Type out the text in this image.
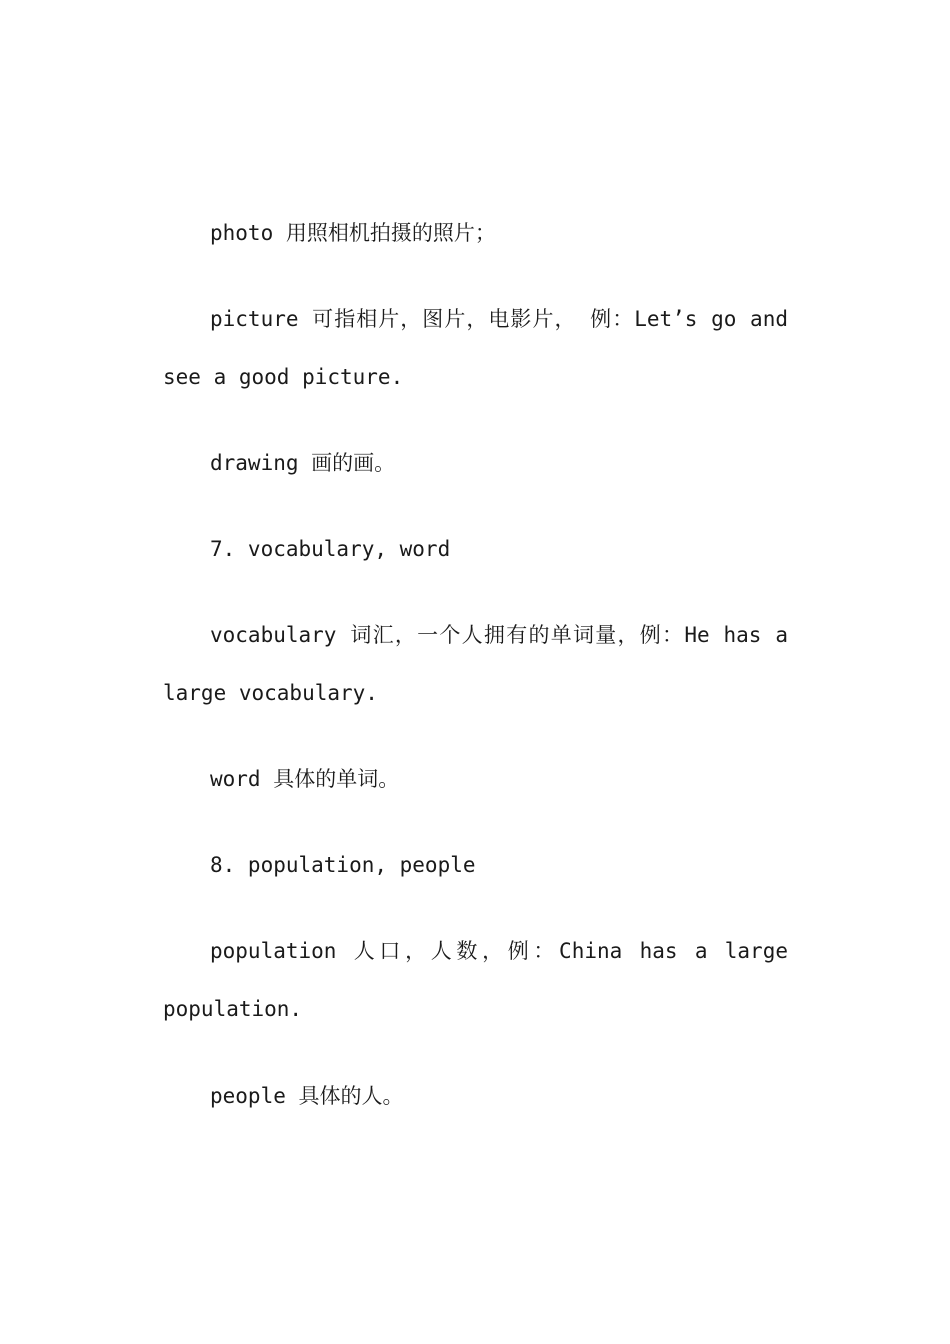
photo 用照相机拍摄的照片；

picture 可指相片，图片，电影片， 例：Let’s go and see a good picture.

drawing 画的画。

7. vocabulary, word

vocabulary 词汇，一个人拥有的单词量，例：He has a large vocabulary.

word 具体的单词。

8. population, people

population 人口，人数，例：China has a large population.

people 具体的人。
